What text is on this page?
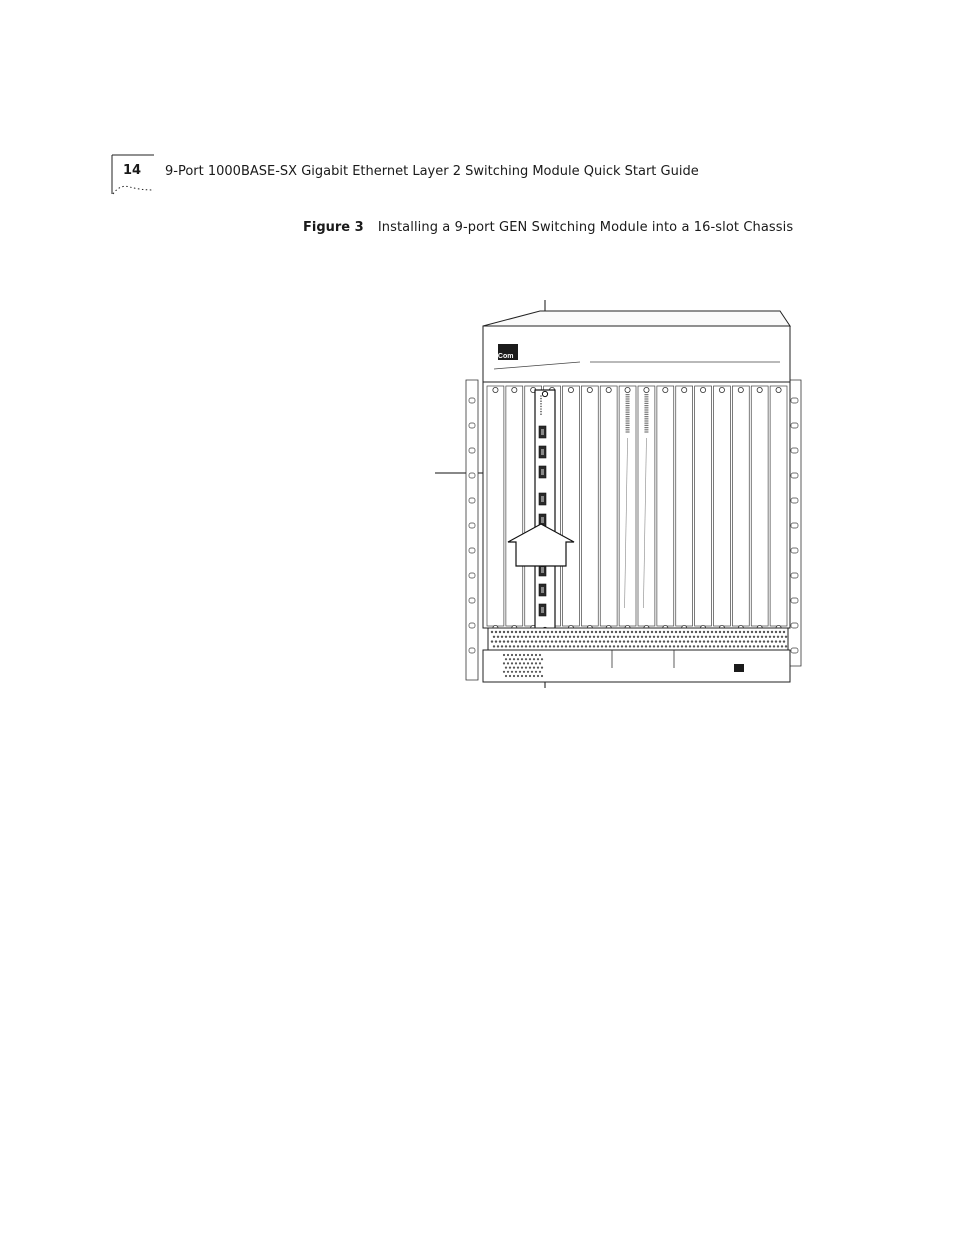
14 9-Port 1000BASE-SX Gigabit Ethernet Layer 2 Switching Module Quick Start Guide
Figure 3 Installing a 9-port GEN Switching Module into a 16-slot Chassis
3Com
